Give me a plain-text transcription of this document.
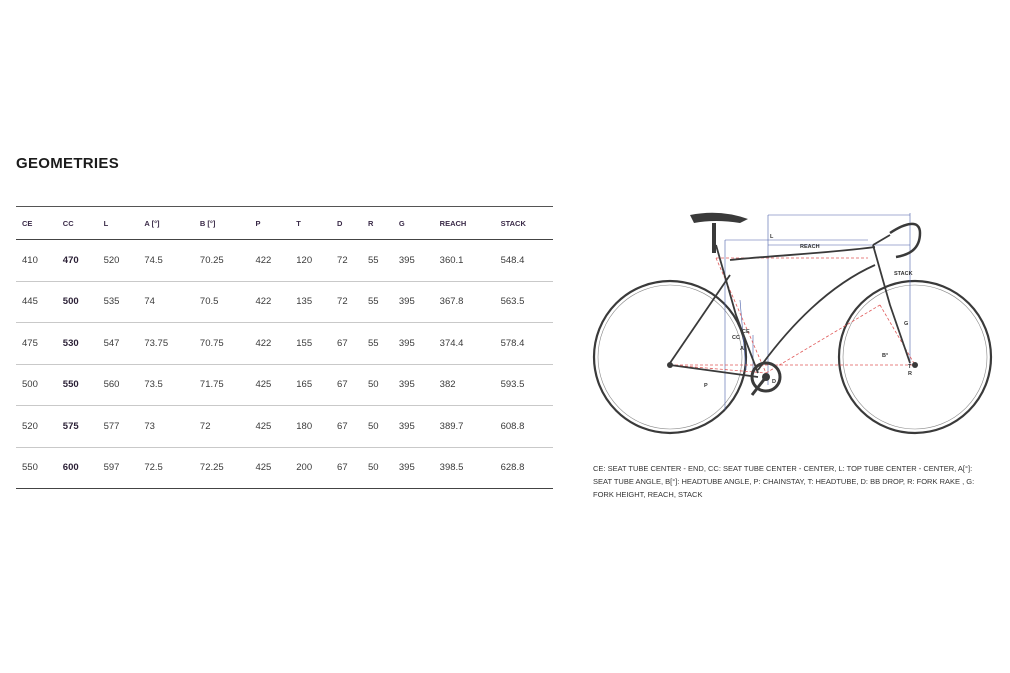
GEOMETRIES
CE	CC	L	A [°]	B [°]	P	T	D	R	G	REACH	STACK
410	470	520	74.5	70.25	422	120	72	55	395	360.1	548.4
445	500	535	74	70.5	422	135	72	55	395	367.8	563.5
475	530	547	73.75	70.75	422	155	67	55	395	374.4	578.4
500	550	560	73.5	71.75	425	165	67	50	395	382	593.5
520	575	577	73	72	425	180	67	50	395	389.7	608.8
550	600	597	72.5	72.25	425	200	67	50	395	398.5	628.8
L
REACH
STACK
G
CE
CC
A°
B°
T
R
D
P
CE: SEAT TUBE CENTER - END, CC: SEAT TUBE CENTER - CENTER, L: TOP TUBE CENTER - CENTER, A[°]: SEAT TUBE ANGLE, B[°]: HEADTUBE ANGLE, P: CHAINSTAY, T: HEADTUBE, D: BB DROP, R: FORK RAKE , G: FORK HEIGHT, REACH, STACK
